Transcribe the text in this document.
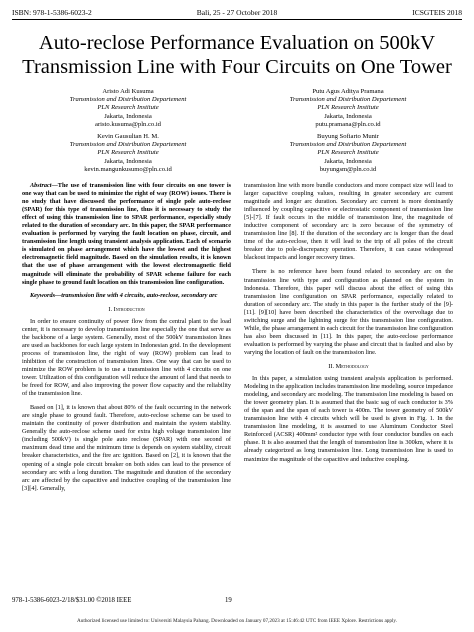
ISBN: 978-1-5386-6023-2	Bali, 25 - 27 October 2018	ICSGTEIS 2018
Auto-reclose Performance Evaluation on 500kV
Transmission Line with Four Circuits on One Tower
Aristo Adi Kusuma
Transmission and Distribution Departement
PLN Research Institute
Jakarta, Indonesia
aristo.kusuma@pln.co.id
Putu Agus Aditya Pramana
Transmission and Distribution Departement
PLN Research Institute
Jakarta, Indonesia
putu.pramana@pln.co.id
Kevin Gausultan H. M.
Transmission and Distribution Departement
PLN Research Institute
Jakarta, Indonesia
kevin.mangunkusumo@pln.co.id
Buyung Sofiarto Munir
Transmission and Distribution Departement
PLN Research Institute
Jakarta, Indonesia
buyungsm@pln.co.id

Abstract—The use of transmission line with four circuits on one tower is one way that can be used to minimize the right of way (ROW) issues. There is no study that have discussed the performance of single pole auto-reclose (SPAR) for this type of transmission line, thus it is necessary to study the effect of using this transmission line to SPAR performance, especially study related to the duration of secondary arc. In this paper, the SPAR performance evaluation is performed by varying the fault location on phase, circuit, and transmission line length using transient analysis application. Each of scenario is simulated on phase arrangement which have the lowest and the highest electromagnetic field magnitude. Based on the simulation results, it is known that the use of phase arrangement with the lowest electromagnetic field magnitude will eliminate the probability of SPAR scheme failure for each single phase to ground fault location on this transmission line configuration.

Keywords—transmission line with 4 circuits, auto-reclose, secondary arc

I. Introduction

In order to ensure continuity of power flow from the central plant to the load center, it is necessary to develop transmission line especially the one that serve as the backbone of a large system. Generally, most of the 500kV transmission lines are used as backbones for each large system in Indonesian grid. In the development process of transmission line, the right of way (ROW) problem can lead to inhibition of the construction of transmission lines. One way that can be used to minimize the ROW problem is to use a transmission line with 4 circuits on one tower. Utilization of this configuration will reduce the amount of land that needs to be freed for ROW, and also improving the power flow capacity and the reliability of the transmission line.

Based on [1], it is known that about 80% of the fault occurring in the network are single phase to ground fault. Therefore, auto-reclose scheme can be used to maintain the continuity of power distribution and maintain the system stability. Generally the auto-reclose scheme used for extra high voltage transmission line (including 500kV) is single pole auto reclose (SPAR) with one second of maximum dead time and the minimum time is depends on system stability, circuit breaker characteristics, and the fire arc ignition. Based on [2], it is known that the opening of a single pole circuit breaker on both sides can lead to the presence of secondary arc with a long duration. The magnitude and duration of the secondary arc are affected by the capacitive and inductive coupling of the transmission line [3][4]. Generally,

transmission line with more bundle conductors and more compact size will lead to larger capacitive coupling values, resulting in greater secondary arc current magnitude and longer arc duration. Secondary arc current is more dominantly influenced by coupling capacitive or electrostatic component of transmission line [5]-[7]. If fault occurs in the middle of transmission line, the magnitude of inductive component of secondary arc is zero because of the symmetry of transmission line [8]. If the duration of the secondary arc is longer than the dead time of the auto-reclose, then it will lead to the trip of all poles of the circuit breaker due to pole-discrepancy operation. Therefore, it can cause widespread blackout impacts and longer recovery times.

There is no reference have been found related to secondary arc on the transmission line with type and configuration as planned on the system in Indonesia. Therefore, this paper will discuss about the effect of using this transmission line configuration on SPAR performance, especially related to duration of secondary arc. The study in this paper is the further study of the [9]-[11]. [9][10] have been described the characteristics of the overvoltage due to switching surge and the lightning surge for this transmission line configuration. While, the phase arrangement in each circuit for the transmission line configuration has also been discussed in [11]. In this paper, the auto-reclose performance evaluation is performed by varying the phase and circuit that is faulted and also by varying the location of fault on the transmission line.

II. Methodology

In this paper, a simulation using transient analysis application is performed. Modeling in the application includes transmission line modeling, source impedance modeling, and secondary arc modeling. The transmission line modeling is based on the tower geometry plan. It is assumed that the basic sag of each conductor is 3% of the span and the span of each tower is 400m. The tower geometry of 500kV transmission line with 4 circuits which will be used is given in Fig. 1. In the transmission line modeling, it is assumed to use Aluminum Conductor Steel Reinforced (ACSR) 400mm² conductor type with four conductor bundles on each phase. It is also assumed that the length of transmission line is 300km, where it is already categorized as long transmission line. Long transmission line is used to maximize the magnitude of the capacitive and inductive coupling.

978-1-5386-6023-2/18/$31.00 ©2018 IEEE	19
Authorized licensed use limited to: Universiti Malaysia Pahang. Downloaded on January 07,2023 at 15:46:42 UTC from IEEE Xplore. Restrictions apply.
